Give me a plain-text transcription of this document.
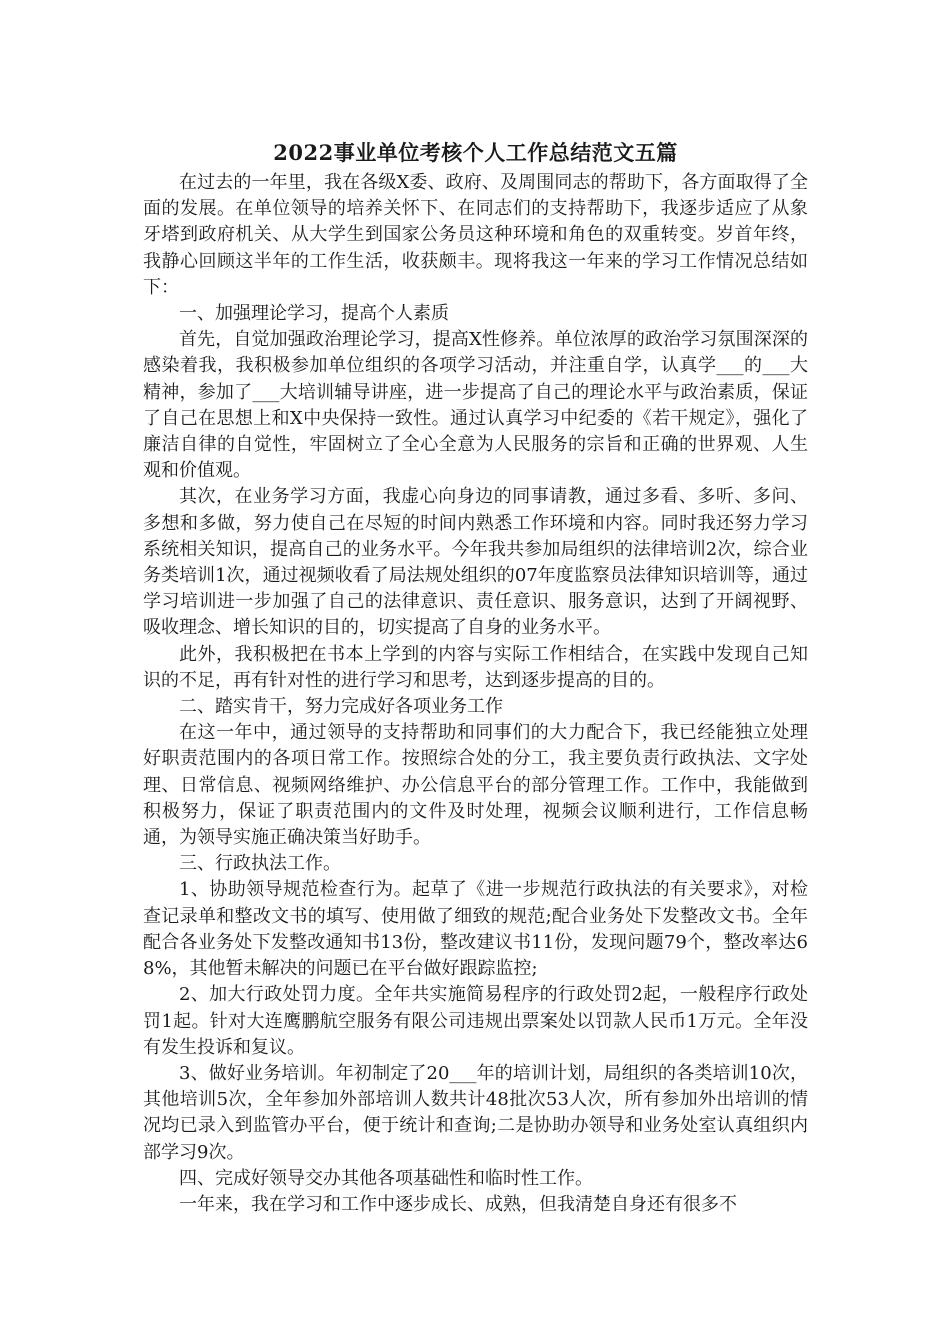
2022事业单位考核个人工作总结范文五篇

在过去的一年里，我在各级X委、政府、及周围同志的帮助下，各方面取得了全面的发展。在单位领导的培养关怀下、在同志们的支持帮助下，我逐步适应了从象牙塔到政府机关、从大学生到国家公务员这种环境和角色的双重转变。岁首年终，我静心回顾这半年的工作生活，收获颇丰。现将我这一年来的学习工作情况总结如下：

一、加强理论学习，提高个人素质

首先，自觉加强政治理论学习，提高X性修养。单位浓厚的政治学习氛围深深的感染着我，我积极参加单位组织的各项学习活动，并注重自学，认真学___的___大精神，参加了___大培训辅导讲座，进一步提高了自己的理论水平与政治素质，保证了自己在思想上和X中央保持一致性。通过认真学习中纪委的《若干规定》，强化了廉洁自律的自觉性，牢固树立了全心全意为人民服务的宗旨和正确的世界观、人生观和价值观。

其次，在业务学习方面，我虚心向身边的同事请教，通过多看、多听、多问、多想和多做，努力使自己在尽短的时间内熟悉工作环境和内容。同时我还努力学习系统相关知识，提高自己的业务水平。今年我共参加局组织的法律培训2次，综合业务类培训1次，通过视频收看了局法规处组织的07年度监察员法律知识培训等，通过学习培训进一步加强了自己的法律意识、责任意识、服务意识，达到了开阔视野、吸收理念、增长知识的目的，切实提高了自身的业务水平。

此外，我积极把在书本上学到的内容与实际工作相结合，在实践中发现自己知识的不足，再有针对性的进行学习和思考，达到逐步提高的目的。

二、踏实肯干，努力完成好各项业务工作

在这一年中，通过领导的支持帮助和同事们的大力配合下，我已经能独立处理好职责范围内的各项日常工作。按照综合处的分工，我主要负责行政执法、文字处理、日常信息、视频网络维护、办公信息平台的部分管理工作。工作中，我能做到积极努力，保证了职责范围内的文件及时处理，视频会议顺利进行，工作信息畅通，为领导实施正确决策当好助手。

三、行政执法工作。

1、协助领导规范检查行为。起草了《进一步规范行政执法的有关要求》，对检查记录单和整改文书的填写、使用做了细致的规范;配合业务处下发整改文书。全年配合各业务处下发整改通知书13份，整改建议书11份，发现问题79个，整改率达68%，其他暂未解决的问题已在平台做好跟踪监控;

2、加大行政处罚力度。全年共实施简易程序的行政处罚2起，一般程序行政处罚1起。针对大连鹰鹏航空服务有限公司违规出票案处以罚款人民币1万元。全年没有发生投诉和复议。

3、做好业务培训。年初制定了20___年的培训计划，局组织的各类培训10次，其他培训5次，全年参加外部培训人数共计48批次53人次，所有参加外出培训的情况均已录入到监管办平台，便于统计和查询;二是协助办领导和业务处室认真组织内部学习9次。

四、完成好领导交办其他各项基础性和临时性工作。

一年来，我在学习和工作中逐步成长、成熟，但我清楚自身还有很多不
